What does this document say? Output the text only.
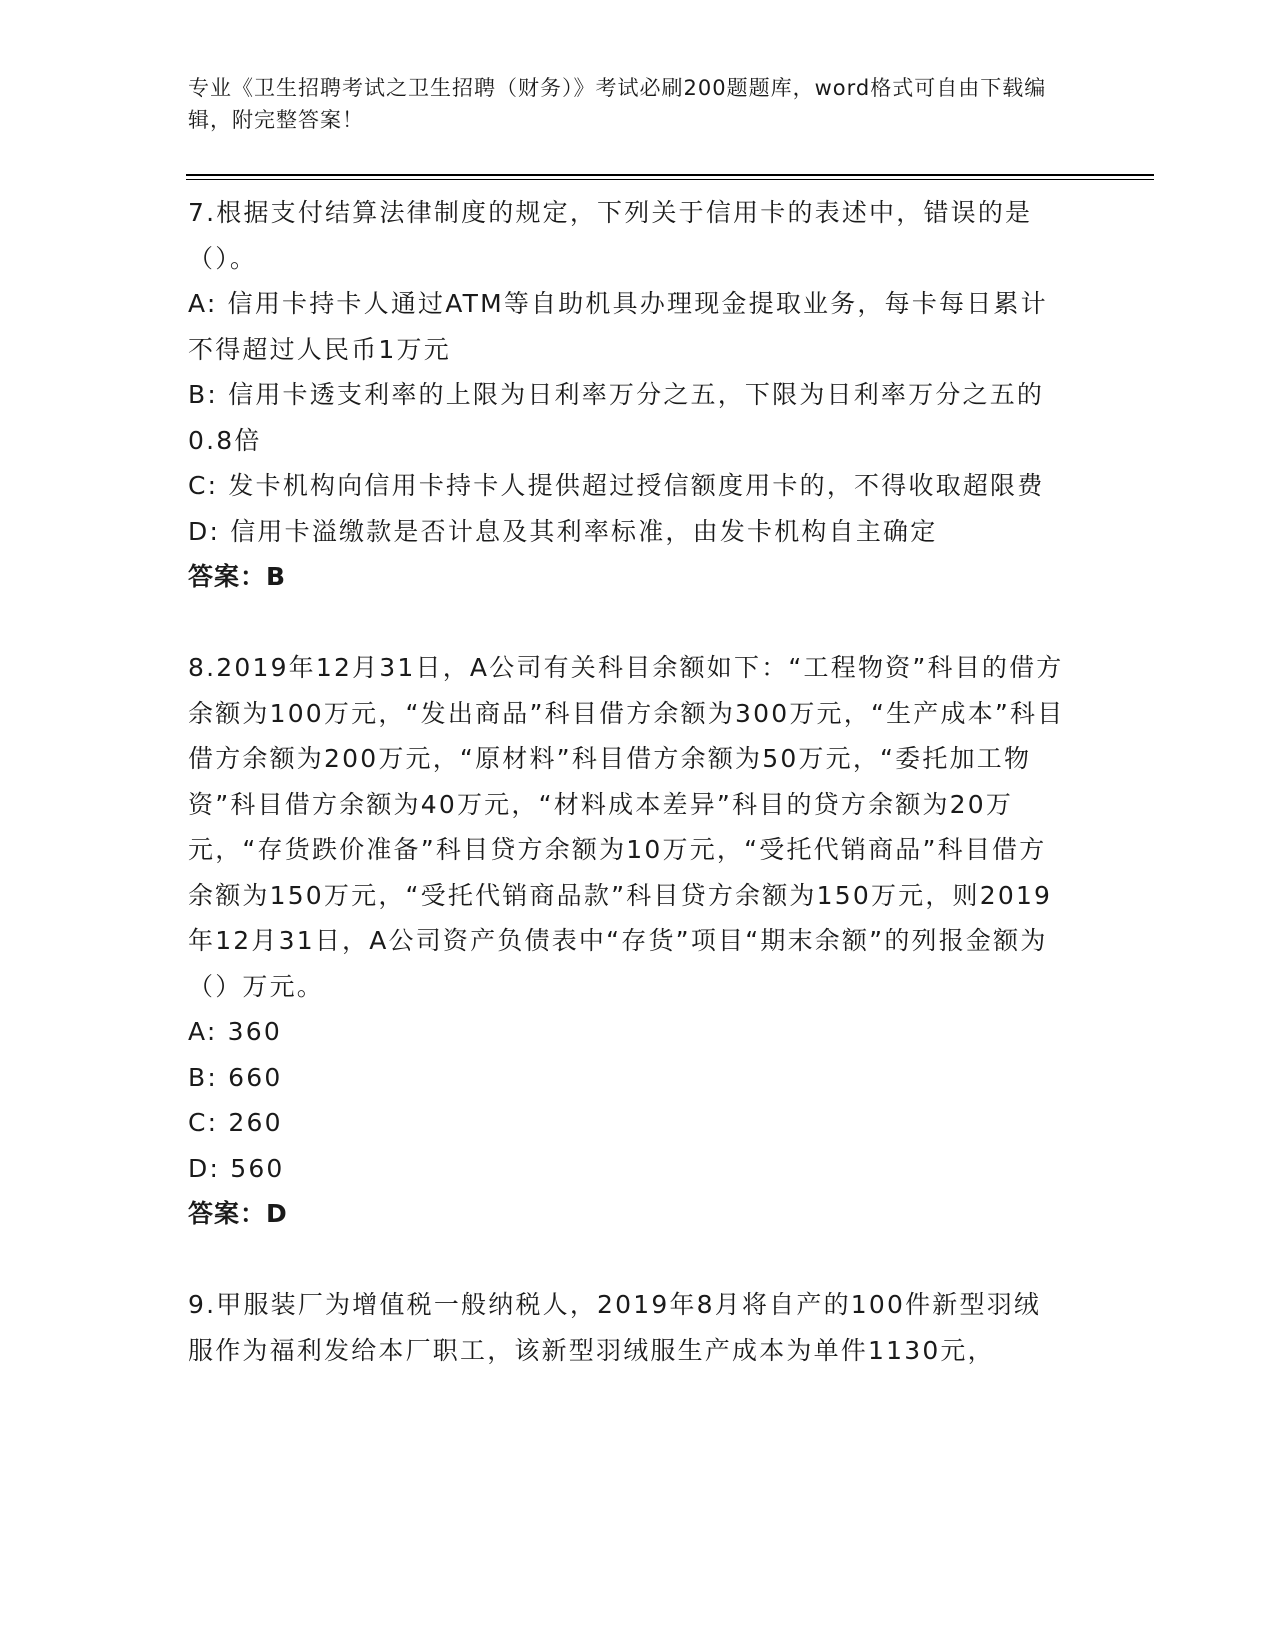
专业《卫生招聘考试之卫生招聘（财务）》考试必刷200题题库，word格式可自由下载编辑，附完整答案！

7.根据支付结算法律制度的规定，下列关于信用卡的表述中，错误的是（）。

A: 信用卡持卡人通过ATM等自助机具办理现金提取业务，每卡每日累计不得超过人民币1万元

B: 信用卡透支利率的上限为日利率万分之五，下限为日利率万分之五的0.8倍

C: 发卡机构向信用卡持卡人提供超过授信额度用卡的，不得收取超限费

D: 信用卡溢缴款是否计息及其利率标准，由发卡机构自主确定

答案：B

8.2019年12月31日，A公司有关科目余额如下：“工程物资”科目的借方余额为100万元，“发出商品”科目借方余额为300万元，“生产成本”科目借方余额为200万元，“原材料”科目借方余额为50万元，“委托加工物资”科目借方余额为40万元，“材料成本差异”科目的贷方余额为20万元，“存货跌价准备”科目贷方余额为10万元，“受托代销商品”科目借方余额为150万元，“受托代销商品款”科目贷方余额为150万元，则2019年12月31日，A公司资产负债表中“存货”项目“期末余额”的列报金额为（）万元。

A: 360

B: 660

C: 260

D: 560

答案：D

9.甲服装厂为增值税一般纳税人，2019年8月将自产的100件新型羽绒服作为福利发给本厂职工，该新型羽绒服生产成本为单件1130元，
